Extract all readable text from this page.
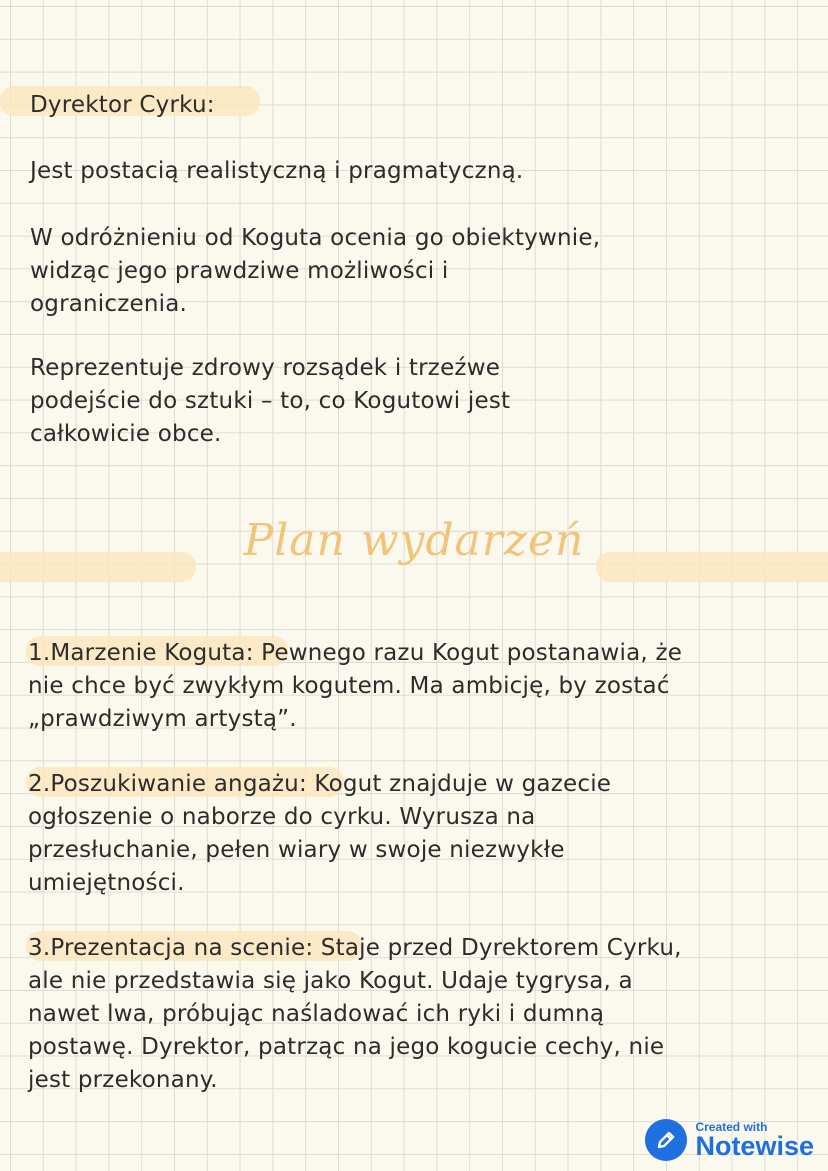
Dyrektor Cyrku:

Jest postacią realistyczną i pragmatyczną.

W odróżnieniu od Koguta ocenia go obiektywnie,
widząc jego prawdziwe możliwości i
ograniczenia.

Reprezentuje zdrowy rozsądek i trzeźwe
podejście do sztuki – to, co Kogutowi jest
całkowicie obce.

Plan wydarzeń

1.Marzenie Koguta: Pewnego razu Kogut postanawia, że
nie chce być zwykłym kogutem. Ma ambicję, by zostać
„prawdziwym artystą”.

2.Poszukiwanie angażu: Kogut znajduje w gazecie
ogłoszenie o naborze do cyrku. Wyrusza na
przesłuchanie, pełen wiary w swoje niezwykłe
umiejętności.

3.Prezentacja na scenie: Staje przed Dyrektorem Cyrku,
ale nie przedstawia się jako Kogut. Udaje tygrysa, a
nawet lwa, próbując naśladować ich ryki i dumną
postawę. Dyrektor, patrząc na jego kogucie cechy, nie
jest przekonany.

Created with
Notewise
